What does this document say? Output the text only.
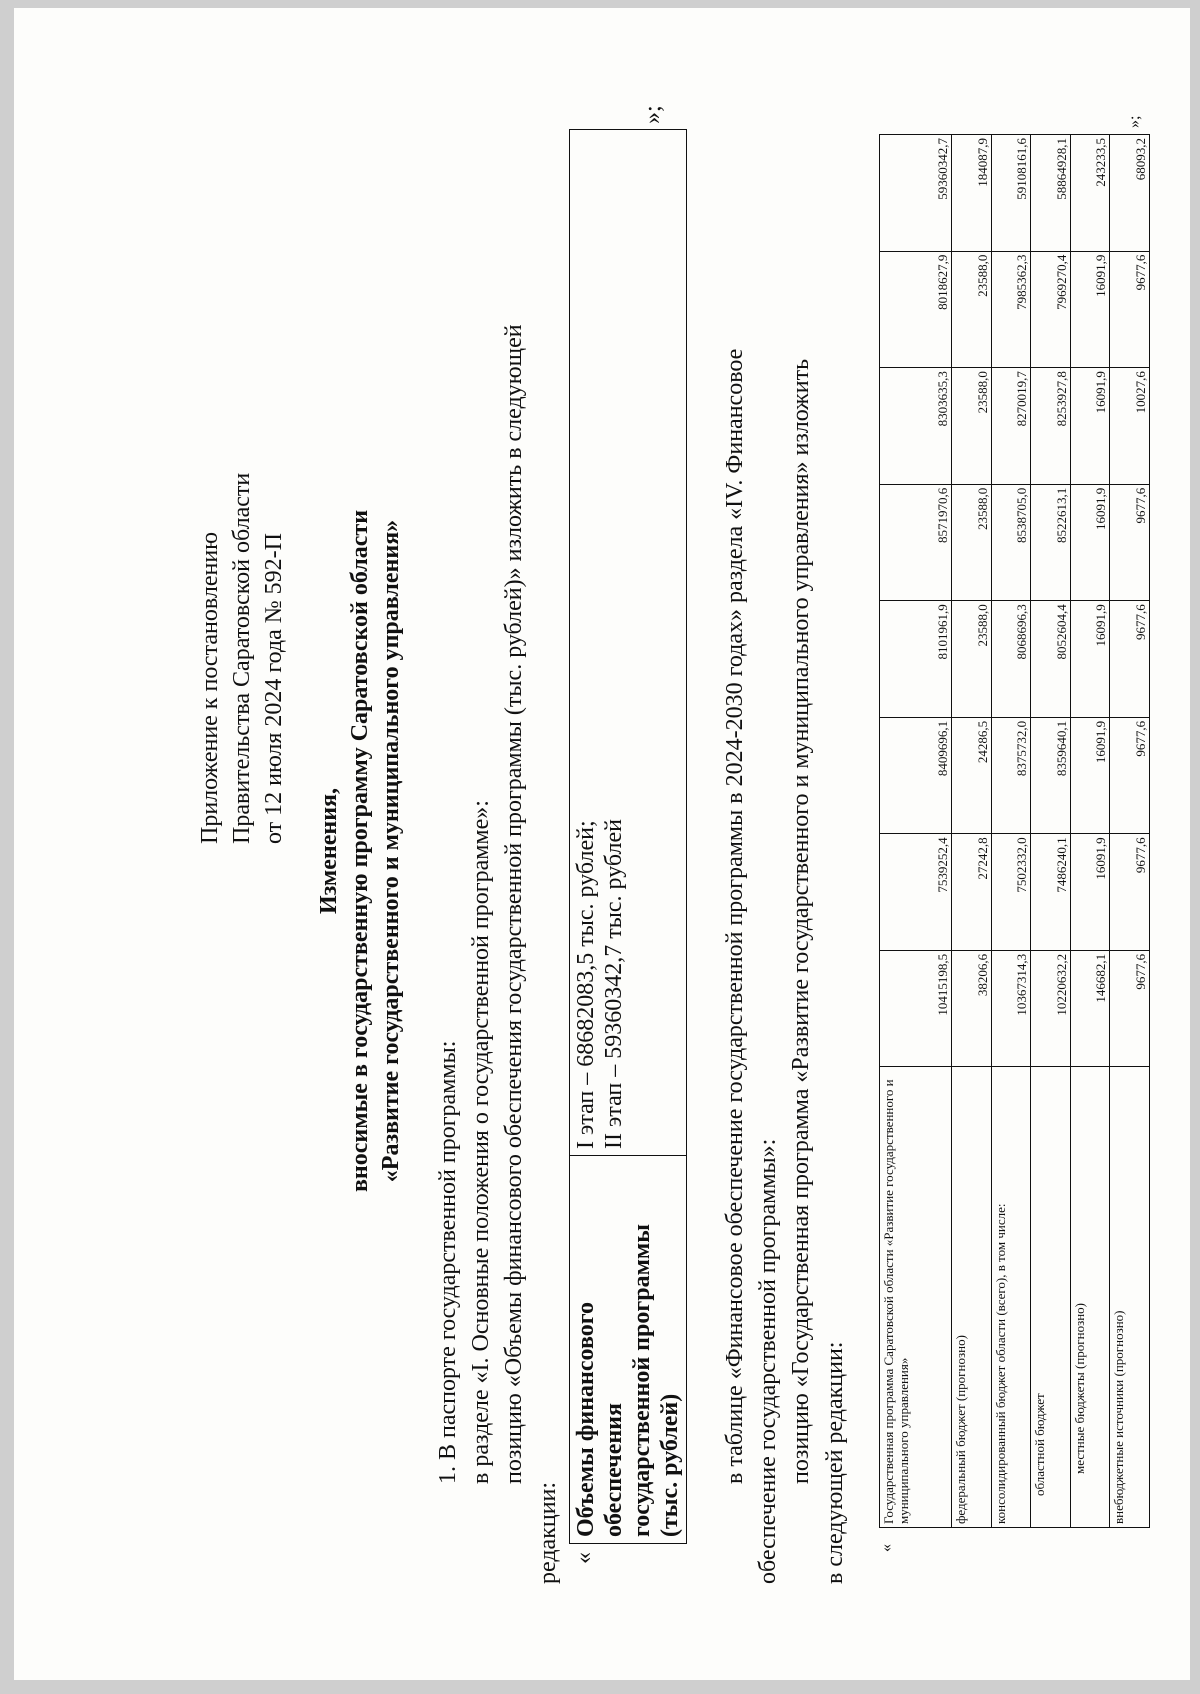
Приложение к постановлению Правительства Саратовской области от 12 июля 2024 года № 592-П
Изменения, вносимые в государственную программу Саратовской области «Развитие государственного и муниципального управления»

1. В паспорте государственной программы: в разделе «I. Основные положения о государственной программе»: позицию «Объемы финансового обеспечения государственной программы (тыс. рублей)» изложить в следующей

редакции: «
Объемы финансового обеспечения государственной программы (тыс. рублей)

I этап – 68682083,5 тыс. рублей; II этап – 59360342,7 тыс. рублей
»;

в таблице «Финансовое обеспечение государственной программы в 2024-2030 годах» раздела «IV. Финансовое обеспечение государственной программы»: позицию «Государственная программа «Развитие государственного и муниципального управления» изложить в следующей редакции: «
Государственная программа Саратовской области «Развитие государственного и муниципального управления»	10415198,5	7539252,4	8409696,1	8101961,9	8571970,6	8303635,3	8018627,9	59360342,7
федеральный бюджет (прогнозно)	38206,6	27242,8	24286,5	23588,0	23588,0	23588,0	23588,0	184087,9
консолидированный бюджет области (всего), в том числе:	10367314,3	7502332,0	8375732,0	8068696,3	8538705,0	8270019,7	7985362,3	59108161,6
областной бюджет	10220632,2	7486240,1	8359640,1	8052604,4	8522613,1	8253927,8	7969270,4	58864928,1
местные бюджеты (прогнозно)	146682,1	16091,9	16091,9	16091,9	16091,9	16091,9	16091,9	243233,5
внебюджетные источники (прогнозно)	9677,6	9677,6	9677,6	9677,6	9677,6	10027,6	9677,6	68093,2
»;
